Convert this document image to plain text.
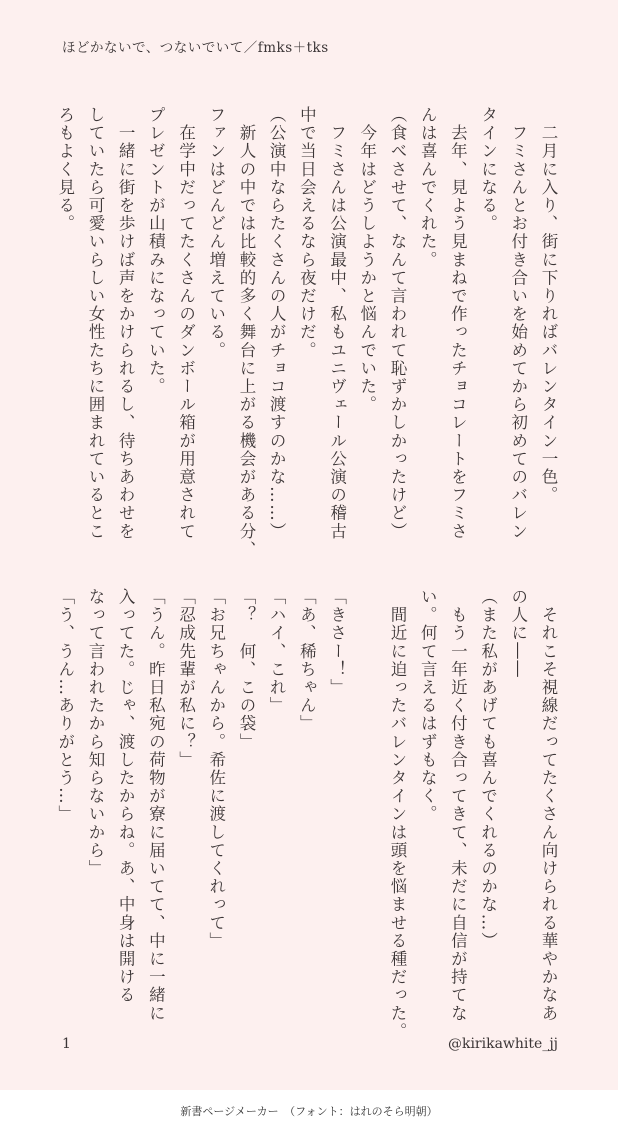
ほどかないで、つないでいて／fmks＋tks
　二月に入り、街に下りればバレンタイン一色。
　フミさんとお付き合いを始めてから初めてのバレン
タインになる。
　去年、見よう見まねで作ったチョコレートをフミさ
んは喜んでくれた。
（食べさせて、なんて言われて恥ずかしかったけど）
　今年はどうしようかと悩んでいた。
　フミさんは公演最中、私もユニヴェール公演の稽古
中で当日会えるなら夜だけだ。
（公演中ならたくさんの人がチョコ渡すのかな……）
　新人の中では比較的多く舞台に上がる機会がある分、
ファンはどんどん増えている。
　在学中だってたくさんのダンボール箱が用意されて
プレゼントが山積みになっていた。
　一緒に街を歩けば声をかけられるし、待ちあわせを
していたら可愛いらしい女性たちに囲まれているとこ
ろもよく見る。
　それこそ視線だってたくさん向けられる華やかなあ
の人に――
（また私があげても喜んでくれるのかな…）
　もう一年近く付き合ってきて、未だに自信が持てな
い。何て言えるはずもなく。
　間近に迫ったバレンタインは頭を悩ませる種だった。

「きさー！」
「あ、稀ちゃん」
「ハイ、これ」
「？　何、この袋」
「お兄ちゃんから。希佐に渡してくれって」
「忍成先輩が私に？」
「うん。昨日私宛の荷物が寮に届いてて、中に一緒に
入ってた。じゃ、渡したからね。あ、中身は開ける
なって言われたから知らないから」
「う、うん…ありがとう…」
1	@kirikawhite_jj
新書ページメーカー　（フォント：はれのそら明朝）
